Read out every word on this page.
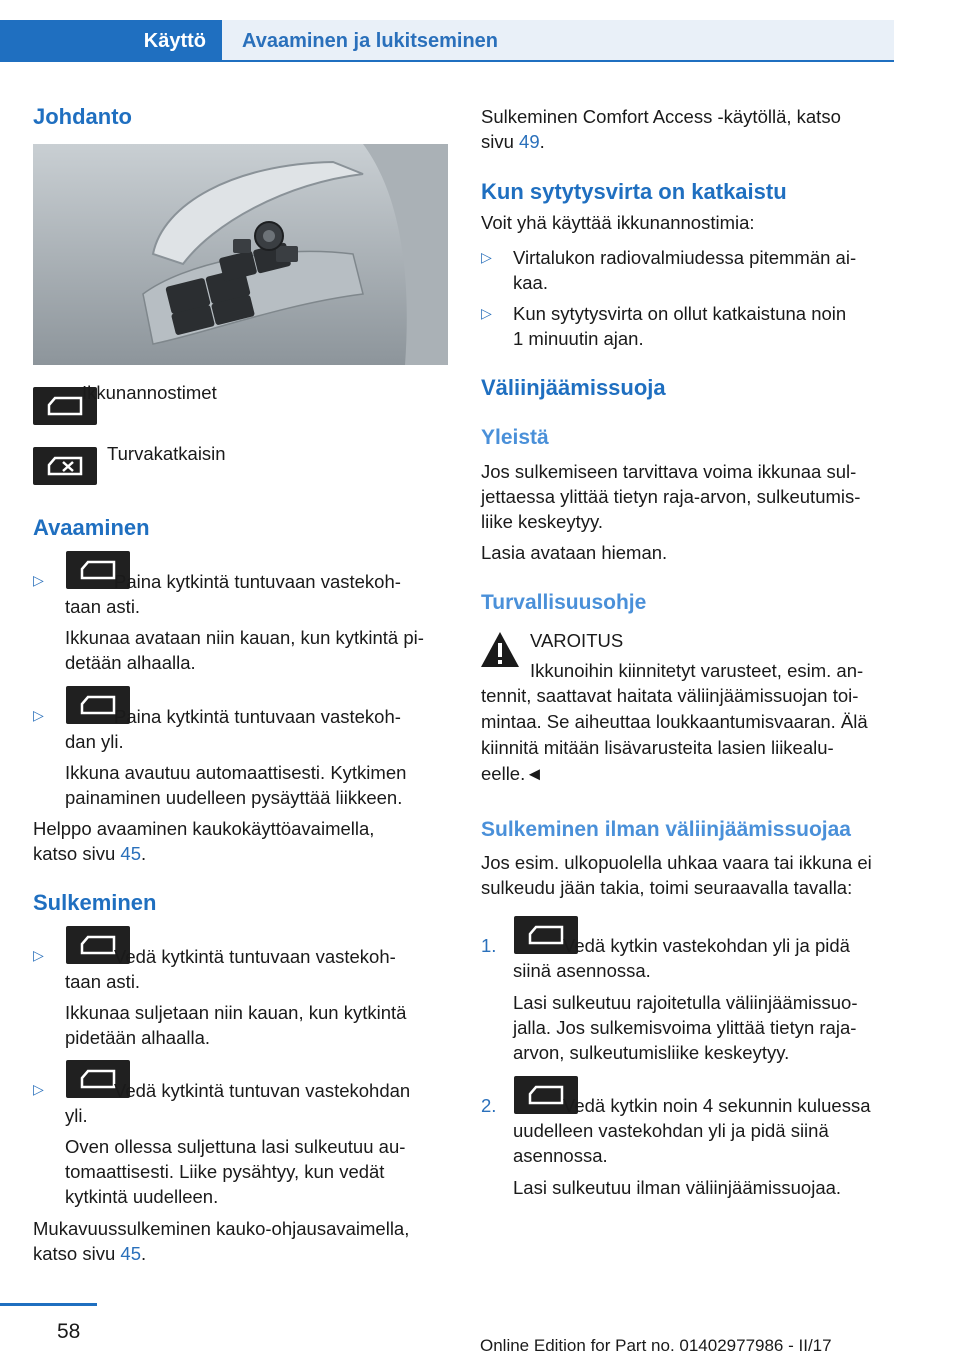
Käyttö	Avaaminen ja lukitseminen
Johdanto

Ikkunannostimet

Turvakatkaisin

Avaaminen
▷	Paina kytkintä tuntuvaan vastekoh-

taan asti.

Ikkunaa avataan niin kauan, kun kytkintä pi-

detään alhaalla.

▷	Paina kytkintä tuntuvaan vastekoh-

dan yli.

Ikkuna avautuu automaattisesti. Kytkimen

painaminen uudelleen pysäyttää liikkeen.

Helppo avaaminen kaukokäyttöavaimella,

katso sivu 45.

Sulkeminen
▷	Vedä kytkintä tuntuvaan vastekoh-

taan asti.

Ikkunaa suljetaan niin kauan, kun kytkintä

pidetään alhaalla.

▷	Vedä kytkintä tuntuvan vastekohdan

yli.

Oven ollessa suljettuna lasi sulkeutuu au-

tomaattisesti. Liike pysähtyy, kun vedät

kytkintä uudelleen.

Mukavuussulkeminen kauko-ohjausavaimella,

katso sivu 45.

Sulkeminen Comfort Access -käytöllä, katso

sivu 49.

Kun sytytysvirta on katkaistu

Voit yhä käyttää ikkunannostimia:

▷ Virtalukon radiovalmiudessa pitemmän ai-

kaa.

▷ Kun sytytysvirta on ollut katkaistuna noin

1 minuutin ajan.

Väliinjäämissuoja
Yleistä

Jos sulkemiseen tarvittava voima ikkunaa sul-

jettaessa ylittää tietyn raja-arvon, sulkeutumis-

liike keskeytyy.

Lasia avataan hieman.

Turvallisuusohje

VAROITUS

Ikkunoihin kiinnitetyt varusteet, esim. an-

tennit, saattavat haitata väliinjäämissuojan toi-

mintaa. Se aiheuttaa loukkaantumisvaaran. Älä

kiinnitä mitään lisävarusteita lasien liikealu-

eelle.◄

Sulkeminen ilman väliinjäämissuojaa

Jos esim. ulkopuolella uhkaa vaara tai ikkuna ei

sulkeudu jään takia, toimi seuraavalla tavalla:

1.	Vedä kytkin vastekohdan yli ja pidä

siinä asennossa.

Lasi sulkeutuu rajoitetulla väliinjäämissuo-

jalla. Jos sulkemisvoima ylittää tietyn raja-

arvon, sulkeutumisliike keskeytyy.

2.	Vedä kytkin noin 4 sekunnin kuluessa

uudelleen vastekohdan yli ja pidä siinä

asennossa.

Lasi sulkeutuu ilman väliinjäämissuojaa.

58
Online Edition for Part no. 01402977986 - II/17
